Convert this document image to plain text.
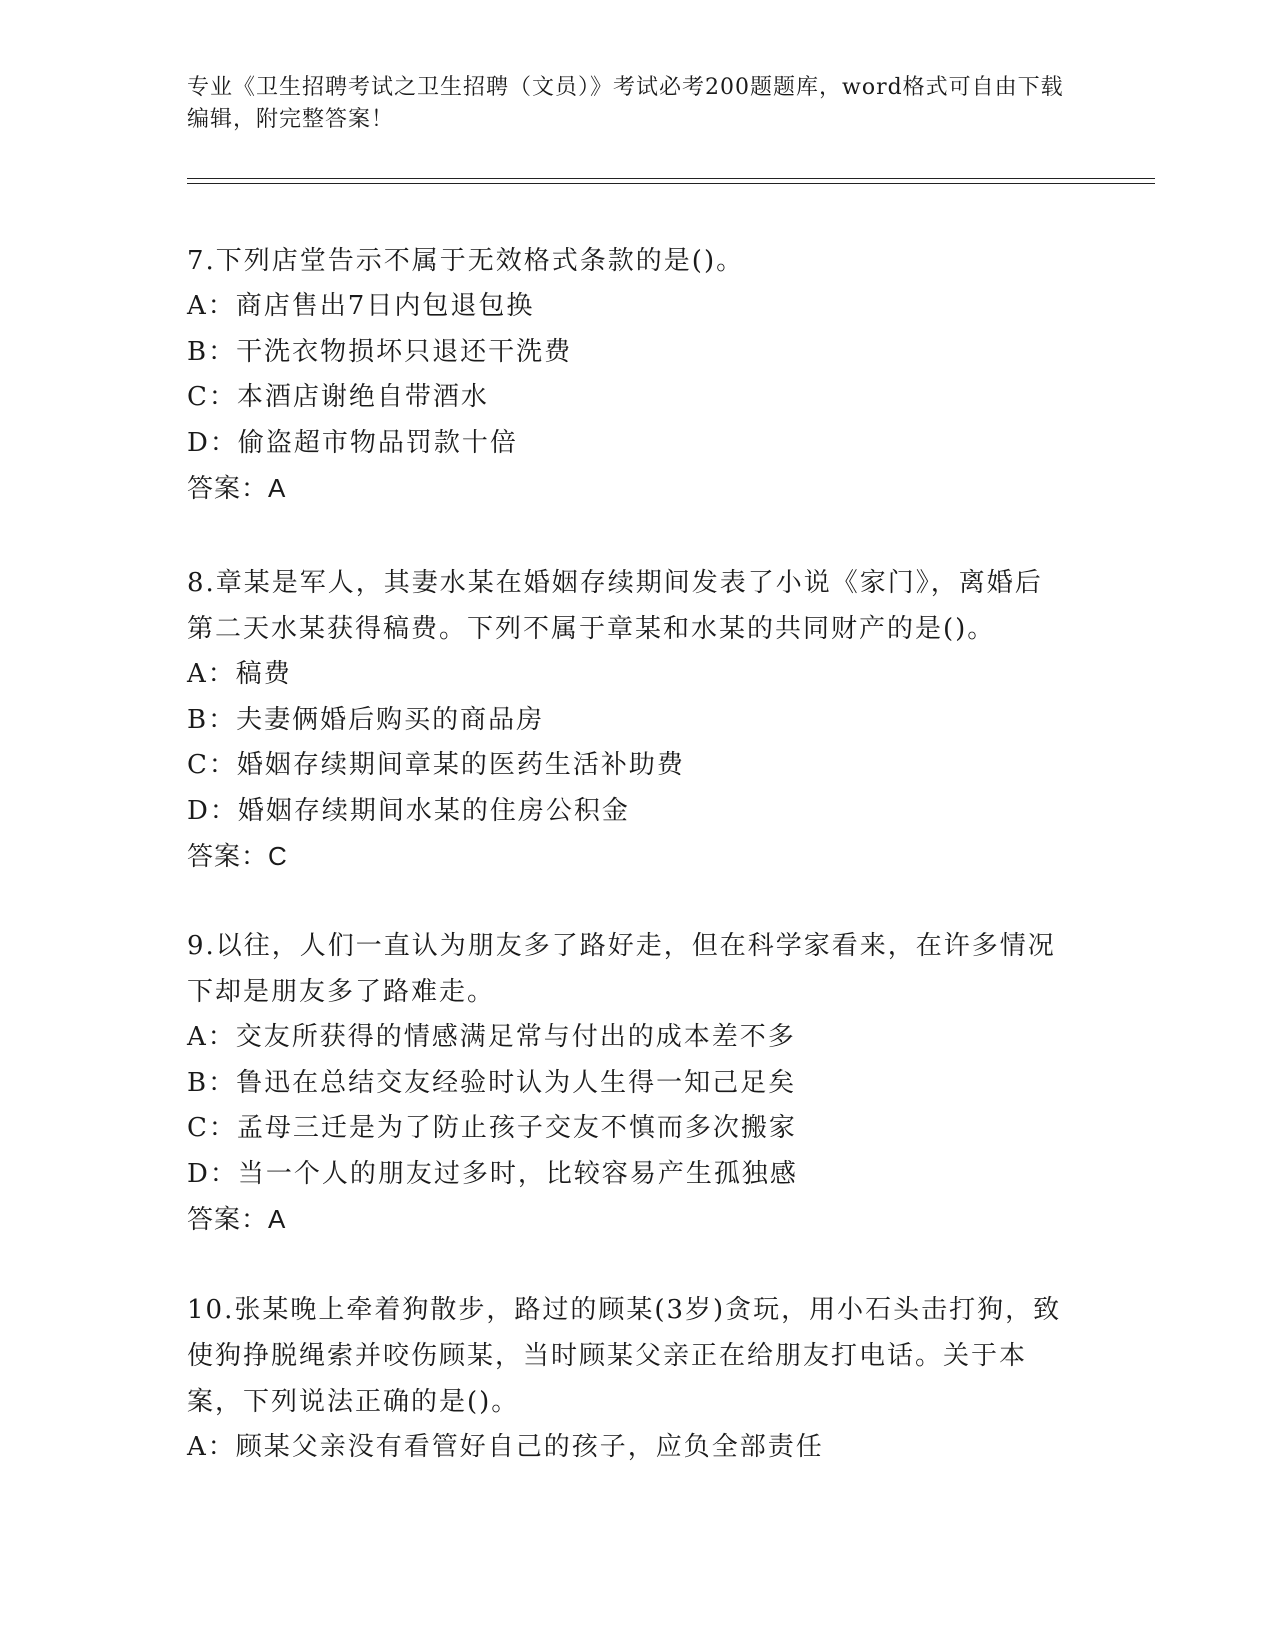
专业《卫生招聘考试之卫生招聘（文员）》考试必考200题题库，word格式可自由下载编辑，附完整答案！

7.下列店堂告示不属于无效格式条款的是()。

A：商店售出7日内包退包换

B：干洗衣物损坏只退还干洗费

C：本酒店谢绝自带酒水

D：偷盗超市物品罚款十倍

答案：A

8.章某是军人，其妻水某在婚姻存续期间发表了小说《家门》，离婚后第二天水某获得稿费。下列不属于章某和水某的共同财产的是()。

A：稿费

B：夫妻俩婚后购买的商品房

C：婚姻存续期间章某的医药生活补助费

D：婚姻存续期间水某的住房公积金

答案：C

9.以往，人们一直认为朋友多了路好走，但在科学家看来，在许多情况下却是朋友多了路难走。

A：交友所获得的情感满足常与付出的成本差不多

B：鲁迅在总结交友经验时认为人生得一知己足矣

C：孟母三迁是为了防止孩子交友不慎而多次搬家

D：当一个人的朋友过多时，比较容易产生孤独感

答案：A

10.张某晚上牵着狗散步，路过的顾某(3岁)贪玩，用小石头击打狗，致使狗挣脱绳索并咬伤顾某，当时顾某父亲正在给朋友打电话。关于本案，下列说法正确的是()。

A：顾某父亲没有看管好自己的孩子，应负全部责任
